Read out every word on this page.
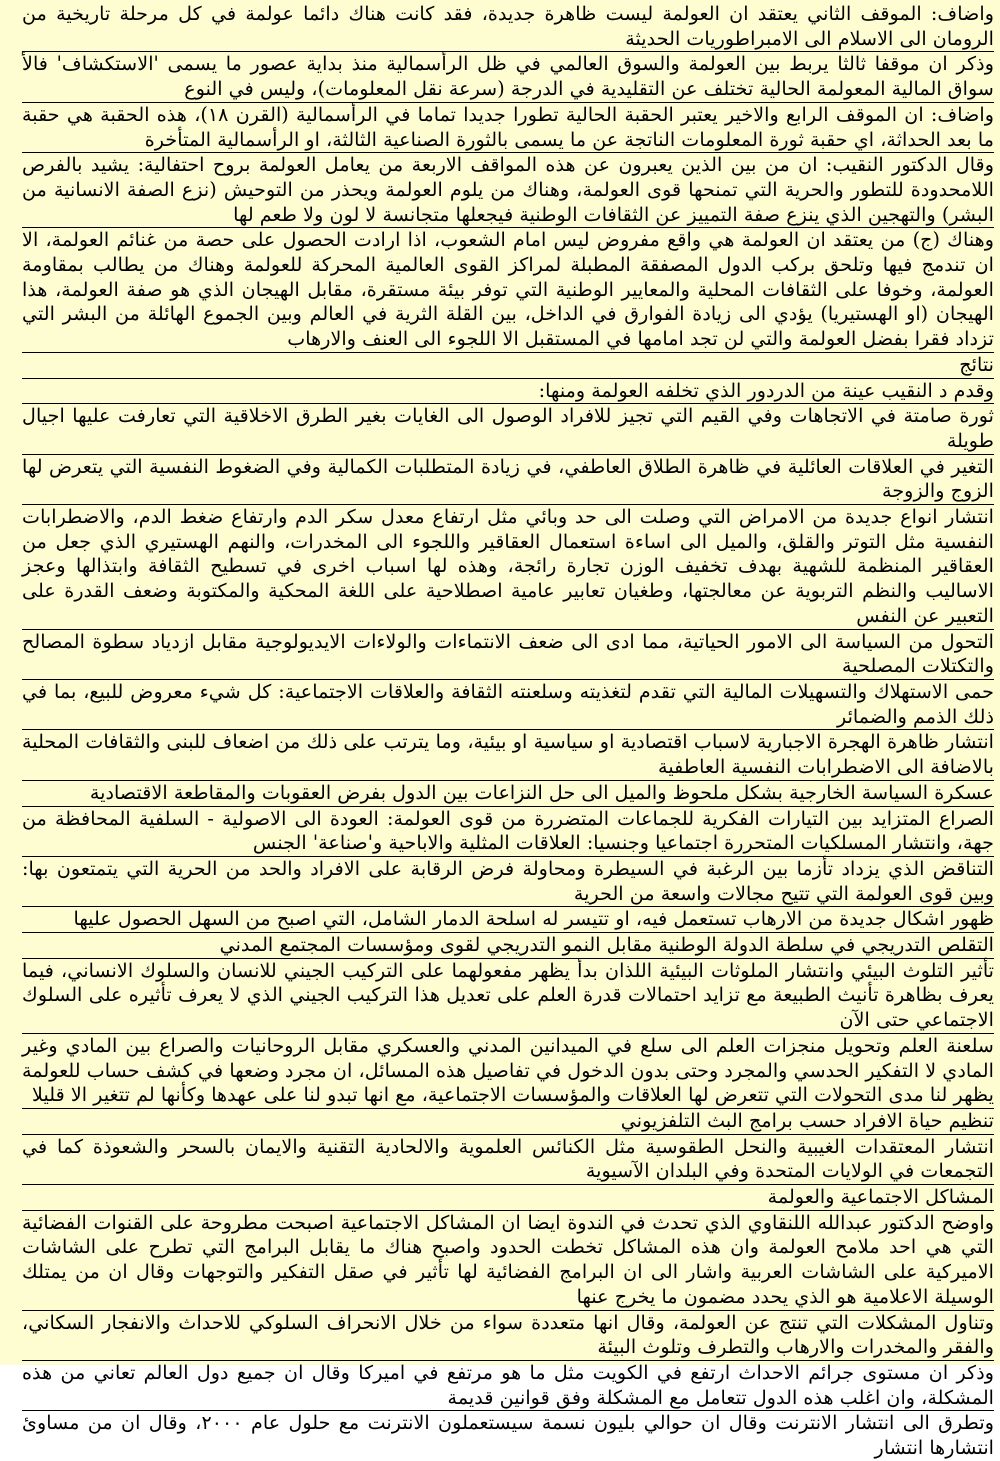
واضاف: الموقف الثاني يعتقد ان العولمة ليست ظاهرة جديدة، فقد كانت هناك دائما عولمة في كل مرحلة تاريخية من الرومان الى الاسلام الى الامبراطوريات الحديثة

وذكر ان موقفا ثالثا يربط بين العولمة والسوق العالمي في ظل الرأسمالية منذ بداية عصور ما يسمى 'الاستكشاف' فالأ سواق المالية المعولمة الحالية تختلف عن التقليدية في الدرجة (سرعة نقل المعلومات)، وليس في النوع

واضاف: ان الموقف الرابع والاخير يعتبر الحقبة الحالية تطورا جديدا تماما في الرأسمالية (القرن ١٨)، هذه الحقبة هي حقبة ما بعد الحداثة، اي حقبة ثورة المعلومات الناتجة عن ما يسمى بالثورة الصناعية الثالثة، او الرأسمالية المتأخرة

وقال الدكتور النقيب: ان من بين الذين يعبرون عن هذه المواقف الاربعة من يعامل العولمة بروح احتفالية: يشيد بالفرص اللامحدودة للتطور والحرية التي تمنحها قوى العولمة، وهناك من يلوم العولمة ويحذر من التوحيش (نزع الصفة الانسانية من البشر) والتهجين الذي ينزع صفة التمييز عن الثقافات الوطنية فيجعلها متجانسة لا لون ولا طعم لها

وهناك (ج) من يعتقد ان العولمة هي واقع مفروض ليس امام الشعوب، اذا ارادت الحصول على حصة من غنائم العولمة، الا ان تندمج فيها وتلحق بركب الدول المصفقة المطبلة لمراكز القوى العالمية المحركة للعولمة وهناك من يطالب بمقاومة العولمة، وخوفا على الثقافات المحلية والمعايير الوطنية التي توفر بيئة مستقرة، مقابل الهيجان الذي هو صفة العولمة، هذا الهيجان (او الهستيريا) يؤدي الى زيادة الفوارق في الداخل، بين القلة الثرية في العالم وبين الجموع الهائلة من البشر التي تزداد فقرا بفضل العولمة والتي لن تجد امامها في المستقبل الا اللجوء الى العنف والارهاب

نتائج

وقدم د النقيب عينة من الدردور الذي تخلفه العولمة ومنها:

ثورة صامتة في الاتجاهات وفي القيم التي تجيز للافراد الوصول الى الغايات بغير الطرق الاخلاقية التي تعارفت عليها اجيال طويلة

التغير في العلاقات العائلية في ظاهرة الطلاق العاطفي، في زيادة المتطلبات الكمالية وفي الضغوط النفسية التي يتعرض لها الزوج والزوجة

انتشار انواع جديدة من الامراض التي وصلت الى حد وبائي مثل ارتفاع معدل سكر الدم وارتفاع ضغط الدم، والاضطرابات النفسية مثل التوتر والقلق، والميل الى اساءة استعمال العقاقير واللجوء الى المخدرات، والنهم الهستيري الذي جعل من العقاقير المنظمة للشهية بهدف تخفيف الوزن تجارة رائجة، وهذه لها اسباب اخرى في تسطيح الثقافة وابتذالها وعجز الاساليب والنظم التربوية عن معالجتها، وطغيان تعابير عامية اصطلاحية على اللغة المحكية والمكتوبة وضعف القدرة على التعبير عن النفس

التحول من السياسة الى الامور الحياتية، مما ادى الى ضعف الانتماءات والولاءات الايديولوجية مقابل ازدياد سطوة المصالح والتكتلات المصلحية

حمى الاستهلاك والتسهيلات المالية التي تقدم لتغذيته وسلعنته الثقافة والعلاقات الاجتماعية: كل شيء معروض للبيع، بما في ذلك الذمم والضمائر

انتشار ظاهرة الهجرة الاجبارية لاسباب اقتصادية او سياسية او بيئية، وما يترتب على ذلك من اضعاف للبنى والثقافات المحلية بالاضافة الى الاضطرابات النفسية العاطفية

عسكرة السياسة الخارجية بشكل ملحوظ والميل الى حل النزاعات بين الدول بفرض العقوبات والمقاطعة الاقتصادية

الصراع المتزايد بين التيارات الفكرية للجماعات المتضررة من قوى العولمة: العودة الى الاصولية - السلفية المحافظة من جهة، وانتشار المسلكيات المتحررة اجتماعيا وجنسيا: العلاقات المثلية والاباحية و'صناعة' الجنس

التناقض الذي يزداد تأزما بين الرغبة في السيطرة ومحاولة فرض الرقابة على الافراد والحد من الحرية التي يتمتعون بها: وبين قوى العولمة التي تتيح مجالات واسعة من الحرية

ظهور اشكال جديدة من الارهاب تستعمل فيه، او تتيسر له اسلحة الدمار الشامل، التي اصبح من السهل الحصول عليها

التقلص التدريجي في سلطة الدولة الوطنية مقابل النمو التدريجي لقوى ومؤسسات المجتمع المدني

تأثير التلوث البيئي وانتشار الملوثات البيئية اللذان بدأ يظهر مفعولهما على التركيب الجيني للانسان والسلوك الانساني، فيما يعرف بظاهرة تأنيث الطبيعة مع تزايد احتمالات قدرة العلم على تعديل هذا التركيب الجيني الذي لا يعرف تأثيره على السلوك الاجتماعي حتى الآن

سلعنة العلم وتحويل منجزات العلم الى سلع في الميدانين المدني والعسكري مقابل الروحانيات والصراع بين المادي وغير المادي لا التفكير الحدسي والمجرد وحتى بدون الدخول في تفاصيل هذه المسائل، ان مجرد وضعها في كشف حساب للعولمة يظهر لنا مدى التحولات التي تتعرض لها العلاقات والمؤسسات الاجتماعية، مع انها تبدو لنا على عهدها وكأنها لم تتغير الا قليلا

تنظيم حياة الافراد حسب برامج البث التلفزيوني

انتشار المعتقدات الغيبية والنحل الطقوسية مثل الكنائس العلموية والالحادية التقنية والايمان بالسحر والشعوذة كما في التجمعات في الولايات المتحدة وفي البلدان الآسيوية

المشاكل الاجتماعية والعولمة

واوضح الدكتور عبدالله اللنقاوي الذي تحدث في الندوة ايضا ان المشاكل الاجتماعية اصبحت مطروحة على القنوات الفضائية التي هي احد ملامح العولمة وان هذه المشاكل تخطت الحدود واصبح هناك ما يقابل البرامج التي تطرح على الشاشات الاميركية على الشاشات العربية واشار الى ان البرامج الفضائية لها تأثير في صقل التفكير والتوجهات وقال ان من يمتلك الوسيلة الاعلامية هو الذي يحدد مضمون ما يخرج عنها

وتناول المشكلات التي تنتج عن العولمة، وقال انها متعددة سواء من خلال الانحراف السلوكي للاحداث والانفجار السكاني، والفقر والمخدرات والارهاب والتطرف وتلوث البيئة

وذكر ان مستوى جرائم الاحداث ارتفع في الكويت مثل ما هو مرتفع في اميركا وقال ان جميع دول العالم تعاني من هذه المشكلة، وان اغلب هذه الدول تتعامل مع المشكلة وفق قوانين قديمة

وتطرق الى انتشار الانترنت وقال ان حوالي بليون نسمة سيستعملون الانترنت مع حلول عام ٢٠٠٠، وقال ان من مساوئ انتشارها انتشار
